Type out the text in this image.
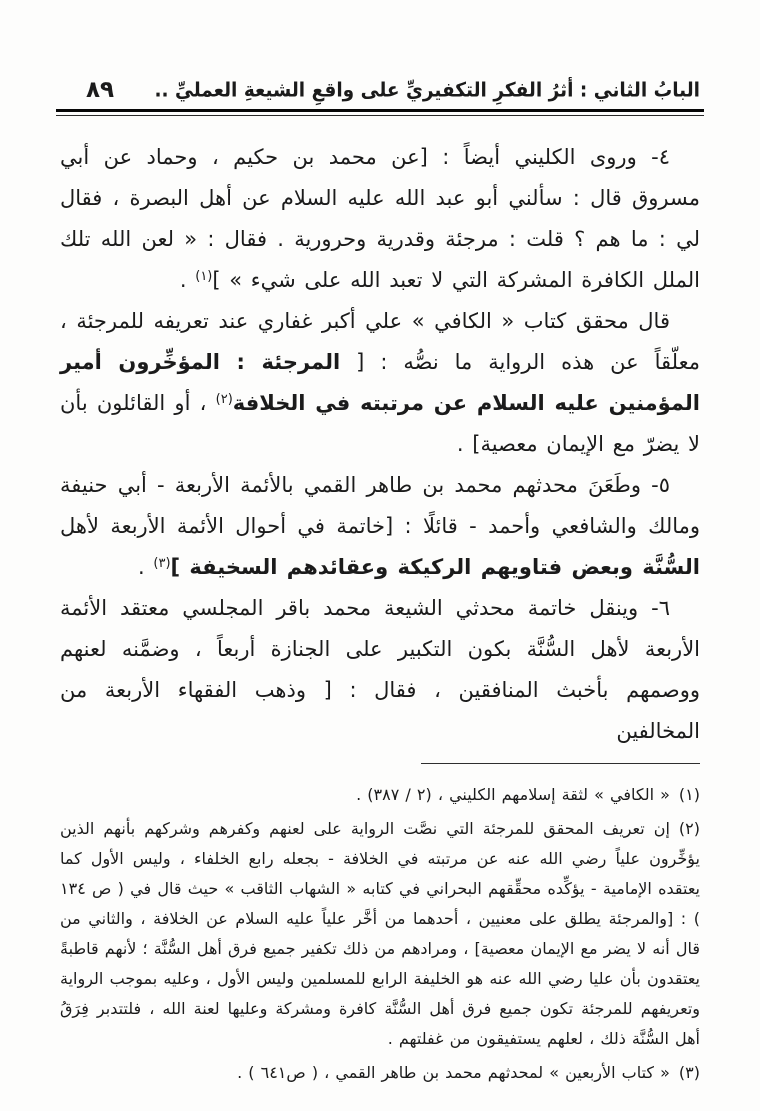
البابُ الثاني : أثرُ الفكرِ التكفيريِّ على واقعِ الشيعةِ العمليِّ ..
٨٩

٤- وروى الكليني أيضاً : [عن محمد بن حكيم ، وحماد عن أبي مسروق قال : سألني أبو عبد الله عليه السلام عن أهل البصرة ، فقال لي : ما هم ؟ قلت : مرجئة وقدرية وحرورية . فقال : « لعن الله تلك الملل الكافرة المشركة التي لا تعبد الله على شيء » ]$^{(١)}$ .

قال محقق كتاب « الكافي » علي أكبر غفاري عند تعريفه للمرجئة ، معلّقاً عن هذه الرواية ما نصُّه : [ المرجئة : المؤخِّرون أمير المؤمنين عليه السلام عن مرتبته في الخلافة$^{(٢)}$ ، أو القائلون بأن لا يضرّ مع الإيمان معصية] .

٥- وطَعَنَ محدثهم محمد بن طاهر القمي بالأئمة الأربعة - أبي حنيفة ومالك والشافعي وأحمد - قائلًا : [خاتمة في أحوال الأئمة الأربعة لأهل السُّنَّة وبعض فتاويهم الركيكة وعقائدهم السخيفة ]$^{(٣)}$ .

٦- وينقل خاتمة محدثي الشيعة محمد باقر المجلسي معتقد الأئمة الأربعة لأهل السُّنَّة بكون التكبير على الجنازة أربعاً ، وضمَّنه لعنهم ووصمهم بأخبث المنافقين ، فقال : [ وذهب الفقهاء الأربعة من المخالفين

(١)« الكافي » لثقة إسلامهم الكليني ، (٢ / ٣٨٧) .

(٢)إن تعريف المحقق للمرجئة التي نصَّت الرواية على لعنهم وكفرهم وشركهم بأنهم الذين يؤخِّرون علياً رضي الله عنه عن مرتبته في الخلافة - بجعله رابع الخلفاء ، وليس الأول كما يعتقده الإمامية - يؤكِّده محقِّقهم البحراني في كتابه « الشهاب الثاقب » حيث قال في ( ص ١٣٤ ) : [والمرجئة يطلق على معنيين ، أحدهما من أخَّر علياً عليه السلام عن الخلافة ، والثاني من قال أنه لا يضر مع الإيمان معصية] ، ومرادهم من ذلك تكفير جميع فرق أهل السُّنَّة ؛ لأنهم قاطبةً يعتقدون بأن عليا رضي الله عنه هو الخليفة الرابع للمسلمين وليس الأول ، وعليه بموجب الرواية وتعريفهم للمرجئة تكون جميع فرق أهل السُّنَّة كافرة ومشركة وعليها لعنة الله ، فلتتدبر فِرَقُ أهل السُّنَّة ذلك ، لعلهم يستفيقون من غفلتهم .

(٣)« كتاب الأربعين » لمحدثهم محمد بن طاهر القمي ، ( ص٦٤١ ) .
